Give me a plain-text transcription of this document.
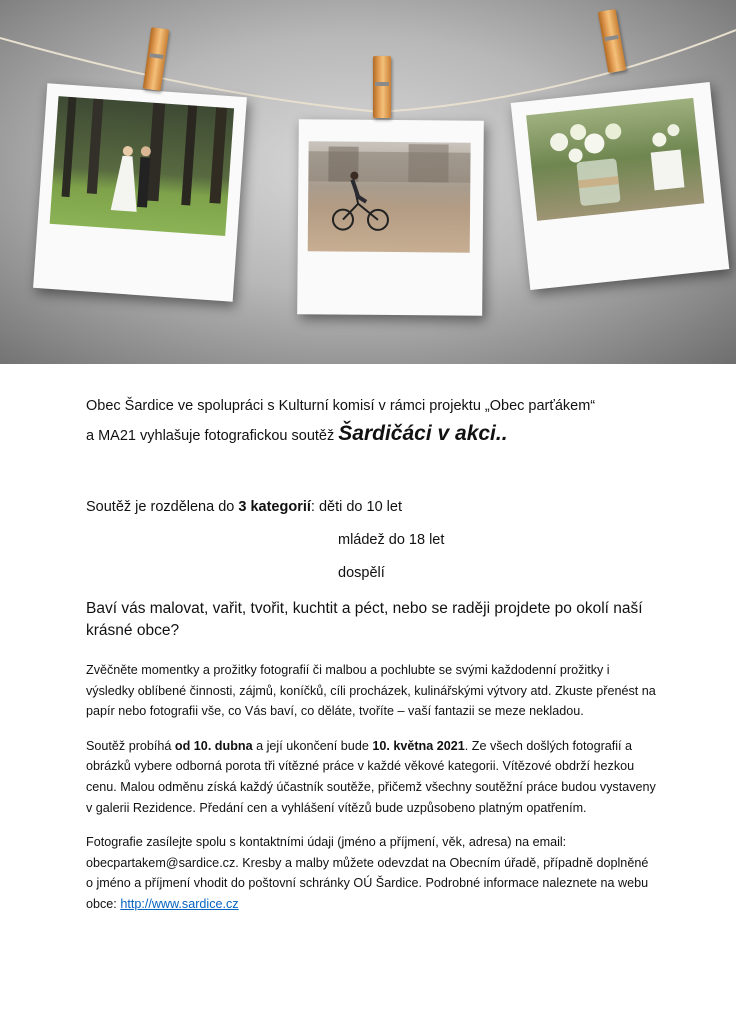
Obec Šardice ve spolupráci s Kulturní komisí v rámci projektu „Obec parťákem“
a MA21 vyhlašuje fotografickou soutěž Šardičáci v akci..
Soutěž je rozdělena do 3 kategorií: děti do 10 let
mládež do 18 let
dospělí
Baví vás malovat, vařit, tvořit, kuchtit a péct, nebo se raději projdete po okolí naší krásné obce?
Zvěčněte momentky a prožitky fotografií či malbou a pochlubte se svými každodenní prožitky i výsledky oblíbené činnosti, zájmů, koníčků, cíli procházek, kulinářskými výtvory atd. Zkuste přenést na papír nebo fotografii vše, co Vás baví, co děláte, tvoříte – vaší fantazii se meze nekladou.
Soutěž probíhá od 10. dubna a její ukončení bude 10. května 2021. Ze všech došlých fotografií a obrázků vybere odborná porota tři vítězné práce v každé věkové kategorii. Vítězové obdrží hezkou cenu. Malou odměnu získá každý účastník soutěže, přičemž všechny soutěžní práce budou vystaveny v galerii Rezidence. Předání cen a vyhlášení vítězů bude uzpůsobeno platným opatřením.
Fotografie zasílejte spolu s kontaktními údaji (jméno a příjmení, věk, adresa) na email: obecpartakem@sardice.cz. Kresby a malby můžete odevzdat na Obecním úřadě, případně doplněné o jméno a příjmení vhodit do poštovní schránky OÚ Šardice. Podrobné informace naleznete na webu obce: http://www.sardice.cz
